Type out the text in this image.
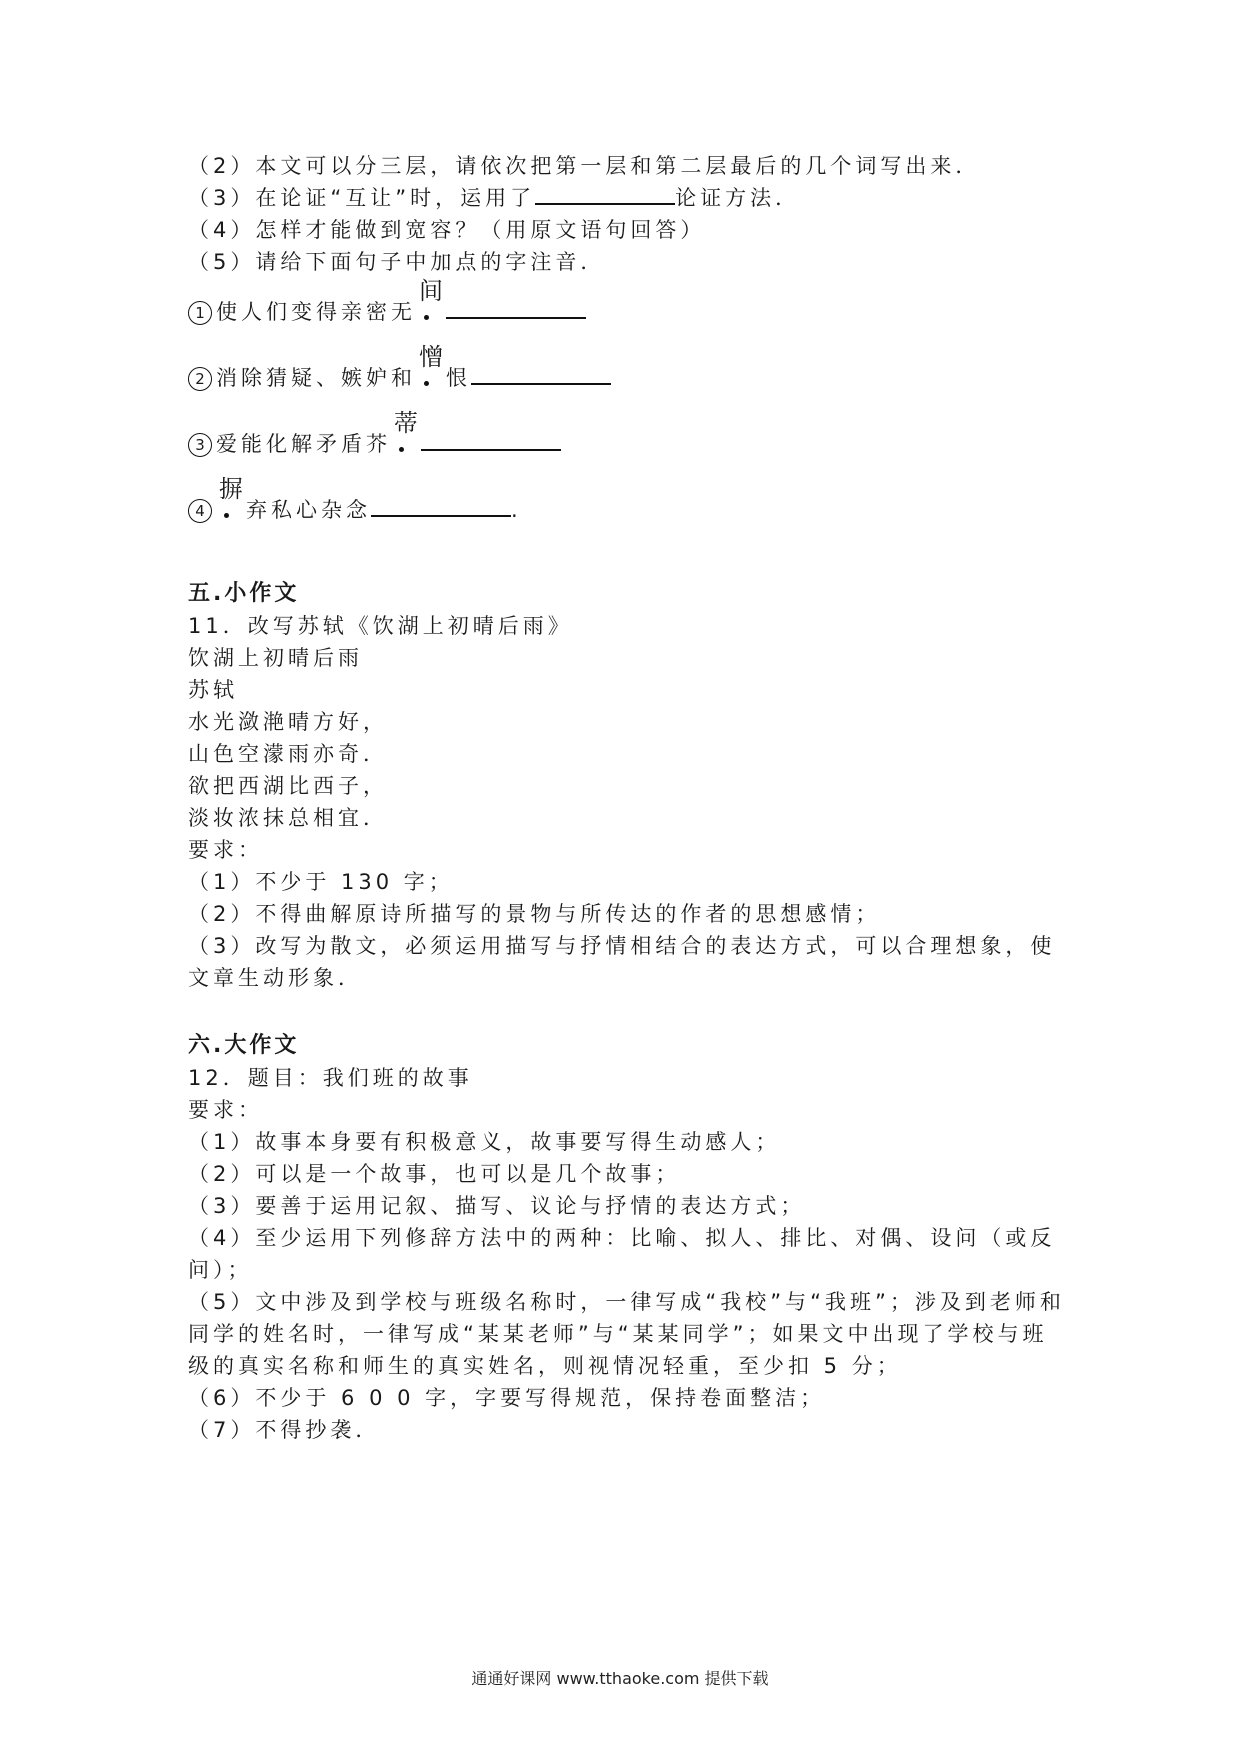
（2）本文可以分三层，请依次把第一层和第二层最后的几个词写出来．
（3）在论证“互让”时，运用了	论证方法．
（4）怎样才能做到宽容？（用原文语句回答）
（5）请给下面句子中加点的字注音．
1 使人们变得亲密无间
2 消除猜疑、嫉妒和憎恨
3 爱能化解矛盾芥蒂
4摒弃私心杂念	.
五.小作文
11．改写苏轼《饮湖上初晴后雨》
饮湖上初晴后雨
苏轼
水光潋滟晴方好，
山色空濛雨亦奇．
欲把西湖比西子，
淡妆浓抹总相宜．
要求：
（1）不少于 130 字；
（2）不得曲解原诗所描写的景物与所传达的作者的思想感情；
（3）改写为散文，必须运用描写与抒情相结合的表达方式，可以合理想象，使文章生动形象．
六.大作文
12．题目：我们班的故事
要求：
（1）故事本身要有积极意义，故事要写得生动感人；
（2）可以是一个故事，也可以是几个故事；
（3）要善于运用记叙、描写、议论与抒情的表达方式；
（4）至少运用下列修辞方法中的两种：比喻、拟人、排比、对偶、设问（或反问）；
（5）文中涉及到学校与班级名称时，一律写成“我校”与“我班”；涉及到老师和同学的姓名时，一律写成“某某老师”与“某某同学”；如果文中出现了学校与班级的真实名称和师生的真实姓名，则视情况轻重，至少扣 5 分；
（6）不少于 6 0 0 字，字要写得规范，保持卷面整洁；
（7）不得抄袭．
通通好课网 www.tthaoke.com 提供下载
